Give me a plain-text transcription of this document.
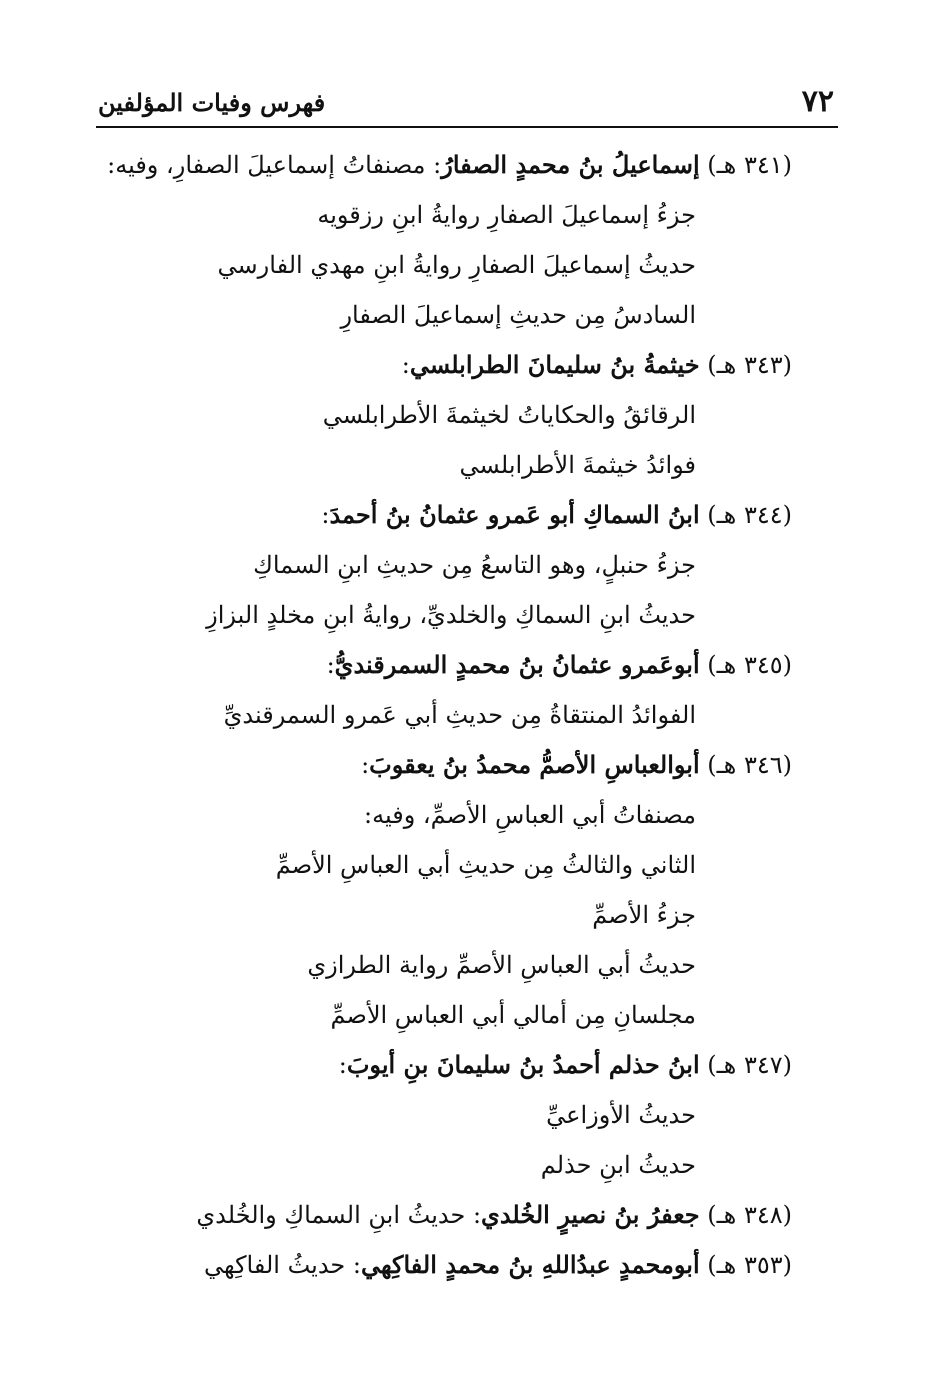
٧٢
فهرس وفيات المؤلفين
(٣٤١ هـ) إسماعيلُ بنُ محمدٍ الصفارُ: مصنفاتُ إسماعيلَ الصفارِ، وفيه:
جزءُ إسماعيلَ الصفارِ روايةُ ابنِ رزقويه
حديثُ إسماعيلَ الصفارِ روايةُ ابنِ مهدي الفارسي
السادسُ مِن حديثِ إسماعيلَ الصفارِ
(٣٤٣ هـ) خيثمةُ بنُ سليمانَ الطرابلسي:
الرقائقُ والحكاياتُ لخيثمةَ الأطرابلسي
فوائدُ خيثمةَ الأطرابلسي
(٣٤٤ هـ) ابنُ السماكِ أبو عَمرو عثمانُ بنُ أحمدَ:
جزءُ حنبلٍ، وهو التاسعُ مِن حديثِ ابنِ السماكِ
حديثُ ابنِ السماكِ والخلديِّ، روايةُ ابنِ مخلدٍ البزازِ
(٣٤٥ هـ) أبوعَمرو عثمانُ بنُ محمدٍ السمرقنديُّ:
الفوائدُ المنتقاةُ مِن حديثِ أبي عَمرو السمرقنديِّ
(٣٤٦ هـ) أبوالعباسِ الأصمُّ محمدُ بنُ يعقوبَ:
مصنفاتُ أبي العباسِ الأصمِّ، وفيه:
الثاني والثالثُ مِن حديثِ أبي العباسِ الأصمِّ
جزءُ الأصمِّ
حديثُ أبي العباسِ الأصمِّ رواية الطرازي
مجلسانِ مِن أمالي أبي العباسِ الأصمِّ
(٣٤٧ هـ) ابنُ حذلم أحمدُ بنُ سليمانَ بنِ أيوبَ:
حديثُ الأوزاعيِّ
حديثُ ابنِ حذلم
(٣٤٨ هـ) جعفرُ بنُ نصيرٍ الخُلدي: حديثُ ابنِ السماكِ والخُلدي
(٣٥٣ هـ) أبومحمدٍ عبدُاللهِ بنُ محمدٍ الفاكِهي: حديثُ الفاكِهي
